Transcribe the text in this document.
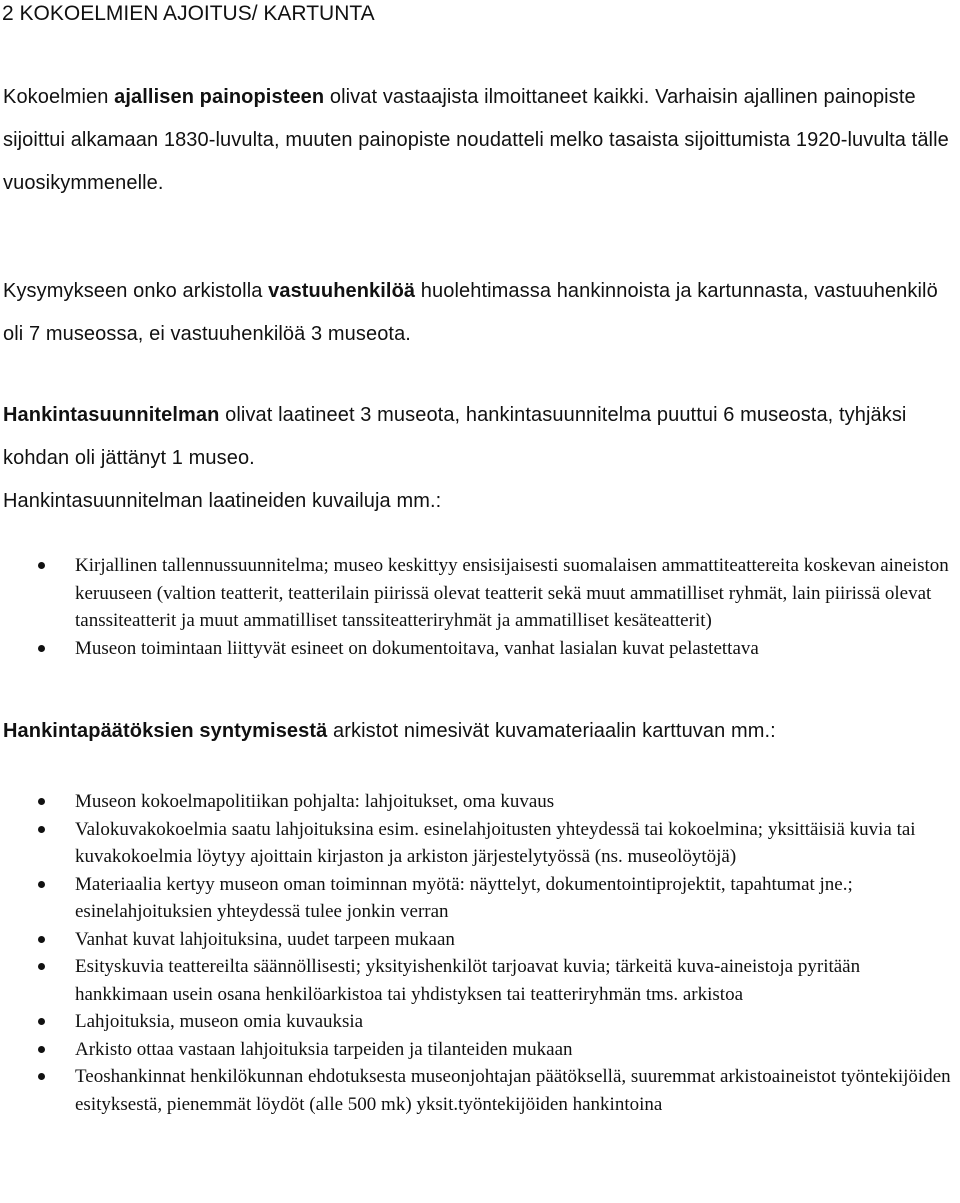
2 KOKOELMIEN AJOITUS/ KARTUNTA

Kokoelmien ajallisen painopisteen olivat vastaajista ilmoittaneet kaikki. Varhaisin ajallinen painopiste sijoittui alkamaan 1830-luvulta, muuten painopiste noudatteli melko tasaista sijoittumista 1920-luvulta tälle vuosikymmenelle.

Kysymykseen onko arkistolla vastuuhenkilöä huolehtimassa hankinnoista ja kartunnasta, vastuuhenkilö oli 7 museossa, ei vastuuhenkilöä 3 museota.

Hankintasuunnitelman olivat laatineet 3 museota, hankintasuunnitelma puuttui 6 museosta, tyhjäksi kohdan oli jättänyt 1 museo.
Hankintasuunnitelman laatineiden kuvailuja mm.:

Kirjallinen tallennussuunnitelma; museo keskittyy ensisijaisesti suomalaisen ammattiteattereita koskevan aineiston keruuseen (valtion teatterit, teatterilain piirissä olevat teatterit sekä muut ammatilliset ryhmät, lain piirissä olevat tanssiteatterit ja muut ammatilliset tanssiteatteriryhmät ja ammatilliset kesäteatterit)
Museon toimintaan liittyvät esineet on dokumentoitava, vanhat lasialan kuvat pelastettava

Hankintapäätöksien syntymisestä arkistot nimesivät kuvamateriaalin karttuvan mm.:

Museon kokoelmapolitiikan pohjalta: lahjoitukset, oma kuvaus
Valokuvakokoelmia saatu lahjoituksina esim. esinelahjoitusten yhteydessä tai kokoelmina; yksittäisiä kuvia tai kuvakokoelmia löytyy ajoittain kirjaston ja arkiston järjestelytyössä (ns. museolöytöjä)
Materiaalia kertyy museon oman toiminnan myötä: näyttelyt, dokumentointiprojektit, tapahtumat jne.; esinelahjoituksien yhteydessä tulee jonkin verran
Vanhat kuvat lahjoituksina, uudet tarpeen mukaan
Esityskuvia teattereilta säännöllisesti; yksityishenkilöt tarjoavat kuvia; tärkeitä kuva-aineistoja pyritään hankkimaan usein osana henkilöarkistoa tai yhdistyksen tai teatteriryhmän tms. arkistoa
Lahjoituksia, museon omia kuvauksia
Arkisto ottaa vastaan lahjoituksia tarpeiden ja tilanteiden mukaan
Teoshankinnat henkilökunnan ehdotuksesta museonjohtajan päätöksellä, suuremmat arkistoaineistot työntekijöiden esityksestä, pienemmät löydöt (alle 500 mk) yksit.työntekijöiden hankintoina
